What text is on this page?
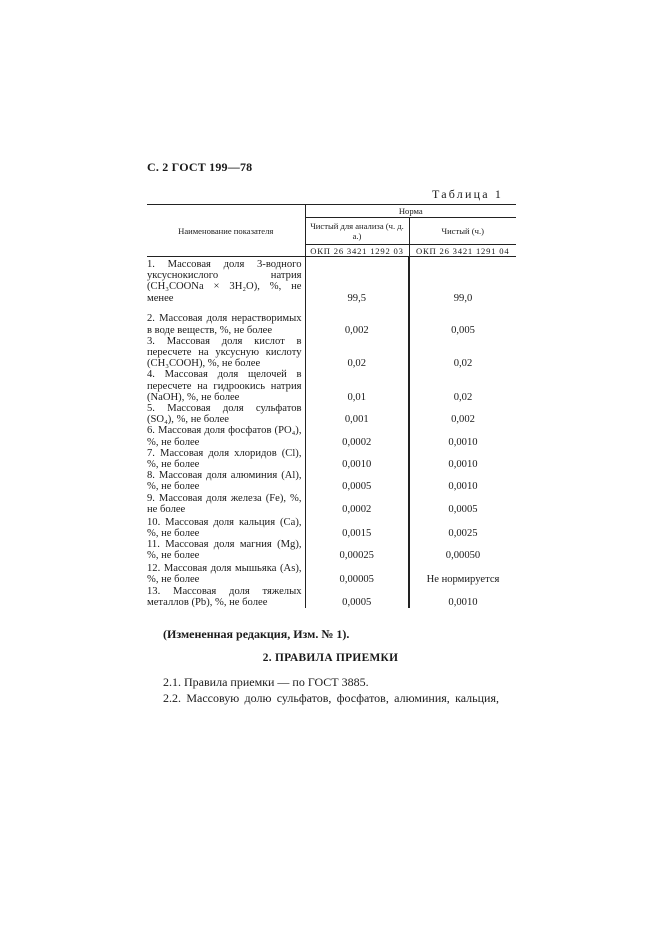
С. 2 ГОСТ 199—78
Таблица 1
Наименование показателя	Норма	
	Чистый для анализа (ч. д. а.)	Чистый (ч.)
	ОКП 26 3421 1292 03	ОКП 26 3421 1291 04
1. Массовая доля 3-водного уксуснокислого натрия (CH₃COONa × 3H₂O), %, не менее	99,5	99,0
2. Массовая доля нерастворимых в воде веществ, %, не более	0,002	0,005
3. Массовая доля кислот в пересчете на уксусную кислоту (CH₃COOH), %, не более	0,02	0,02
4. Массовая доля щелочей в пересчете на гидроокись натрия (NaOH), %, не более	0,01	0,02
5. Массовая доля сульфатов (SO₄), %, не более	0,001	0,002
6. Массовая доля фосфатов (PO₄), %, не более	0,0002	0,0010
7. Массовая доля хлоридов (Cl), %, не более	0,0010	0,0010
8. Массовая доля алюминия (Al), %, не более	0,0005	0,0010
9. Массовая доля железа (Fe), %, не более	0,0002	0,0005
10. Массовая доля кальция (Ca), %, не более	0,0015	0,0025
11. Массовая доля магния (Mg), %, не более	0,00025	0,00050
12. Массовая доля мышьяка (As), %, не более	0,00005	Не нормируется
13. Массовая доля тяжелых металлов (Pb), %, не более	0,0005	0,0010
(Измененная редакция, Изм. № 1).
2. ПРАВИЛА ПРИЕМКИ
2.1. Правила приемки — по ГОСТ 3885.
2.2. Массовую долю сульфатов, фосфатов, алюминия, кальция,
